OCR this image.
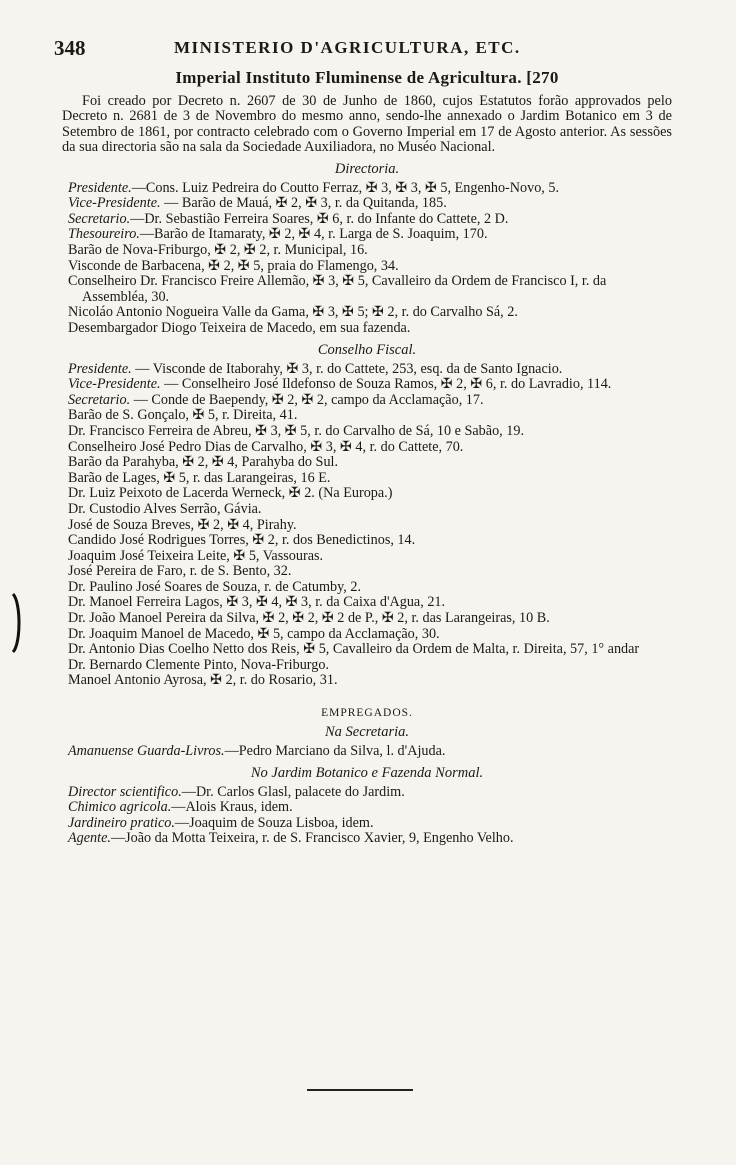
348	MINISTERIO D'AGRICULTURA, ETC.
Imperial Instituto Fluminense de Agricultura. [270
Foi creado por Decreto n. 2607 de 30 de Junho de 1860, cujos Estatutos forão approvados pelo Decreto n. 2681 de 3 de Novembro do mesmo anno, sendo-lhe annexado o Jardim Botanico em 3 de Setembro de 1861, por contracto celebrado com o Governo Imperial em 17 de Agosto anterior. As sessões da sua directoria são na sala da Sociedade Auxiliadora, no Muséo Nacional.
Directoria.
Presidente.—Cons. Luiz Pedreira do Coutto Ferraz, ✠ 3, ✠ 3, ✠ 5, Engenho-Novo, 5.
Vice-Presidente. — Barão de Mauá, ✠ 2, ✠ 3, r. da Quitanda, 185.
Secretario.—Dr. Sebastião Ferreira Soares, ✠ 6, r. do Infante do Cattete, 2 D.
Thesoureiro.—Barão de Itamaraty, ✠ 2, ✠ 4, r. Larga de S. Joaquim, 170.
Barão de Nova-Friburgo, ✠ 2, ✠ 2, r. Municipal, 16.
Visconde de Barbacena, ✠ 2, ✠ 5, praia do Flamengo, 34.
Conselheiro Dr. Francisco Freire Allemão, ✠ 3, ✠ 5, Cavalleiro da Ordem de Francisco I, r. da Assembléa, 30.
Nicoláo Antonio Nogueira Valle da Gama, ✠ 3, ✠ 5; ✠ 2, r. do Carvalho Sá, 2.
Desembargador Diogo Teixeira de Macedo, em sua fazenda.
Conselho Fiscal.
Presidente. — Visconde de Itaborahy, ✠ 3, r. do Cattete, 253, esq. da de Santo Ignacio.
Vice-Presidente. — Conselheiro José Ildefonso de Souza Ramos, ✠ 2, ✠ 6, r. do Lavradio, 114.
Secretario. — Conde de Baependy, ✠ 2, ✠ 2, campo da Acclamação, 17.
Barão de S. Gonçalo, ✠ 5, r. Direita, 41.
Dr. Francisco Ferreira de Abreu, ✠ 3, ✠ 5, r. do Carvalho de Sá, 10 e Sabão, 19.
Conselheiro José Pedro Dias de Carvalho, ✠ 3, ✠ 4, r. do Cattete, 70.
Barão da Parahyba, ✠ 2, ✠ 4, Parahyba do Sul.
Barão de Lages, ✠ 5, r. das Larangeiras, 16 E.
Dr. Luiz Peixoto de Lacerda Werneck, ✠ 2. (Na Europa.)
Dr. Custodio Alves Serrão, Gávia.
José de Souza Breves, ✠ 2, ✠ 4, Pirahy.
Candido José Rodrigues Torres, ✠ 2, r. dos Benedictinos, 14.
Joaquim José Teixeira Leite, ✠ 5, Vassouras.
José Pereira de Faro, r. de S. Bento, 32.
Dr. Paulino José Soares de Souza, r. de Catumby, 2.
Dr. Manoel Ferreira Lagos, ✠ 3, ✠ 4, ✠ 3, r. da Caixa d'Agua, 21.
Dr. João Manoel Pereira da Silva, ✠ 2, ✠ 2, ✠ 2 de P., ✠ 2, r. das Larangeiras, 10 B.
Dr. Joaquim Manoel de Macedo, ✠ 5, campo da Acclamação, 30.
Dr. Antonio Dias Coelho Netto dos Reis, ✠ 5, Cavalleiro da Ordem de Malta, r. Direita, 57, 1° andar
Dr. Bernardo Clemente Pinto, Nova-Friburgo.
Manoel Antonio Ayrosa, ✠ 2, r. do Rosario, 31.
EMPREGADOS.
Na Secretaria.
Amanuense Guarda-Livros.—Pedro Marciano da Silva, l. d'Ajuda.
No Jardim Botanico e Fazenda Normal.
Director scientifico.—Dr. Carlos Glasl, palacete do Jardim.
Chimico agricola.—Alois Kraus, idem.
Jardineiro pratico.—Joaquim de Souza Lisboa, idem.
Agente.—João da Motta Teixeira, r. de S. Francisco Xavier, 9, Engenho Velho.
